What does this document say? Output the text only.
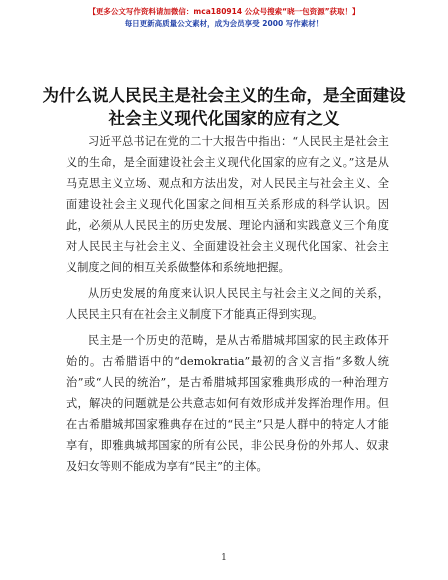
【更多公文写作资料请加微信：mca180914 公众号搜索“晓一包资源”获取！】
每日更新高质量公文素材，成为会员享受 2000 写作素材！
为什么说人民民主是社会主义的生命，是全面建设社会主义现代化国家的应有之义

习近平总书记在党的二十大报告中指出：“人民民主是社会主义的生命，是全面建设社会主义现代化国家的应有之义。”这是从马克思主义立场、观点和方法出发，对人民民主与社会主义、全面建设社会主义现代化国家之间相互关系形成的科学认识。因此，必须从人民民主的历史发展、理论内涵和实践意义三个角度对人民民主与社会主义、全面建设社会主义现代化国家、社会主义制度之间的相互关系做整体和系统地把握。

从历史发展的角度来认识人民民主与社会主义之间的关系，人民民主只有在社会主义制度下才能真正得到实现。

民主是一个历史的范畴，是从古希腊城邦国家的民主政体开始的。古希腊语中的“demokratia”最初的含义言指“多数人统治”或“人民的统治”，是古希腊城邦国家雅典形成的一种治理方式，解决的问题就是公共意志如何有效形成并发挥治理作用。但在古希腊城邦国家雅典存在过的“民主”只是人群中的特定人才能享有，即雅典城邦国家的所有公民，非公民身份的外邦人、奴隶及妇女等则不能成为享有“民主”的主体。

1
